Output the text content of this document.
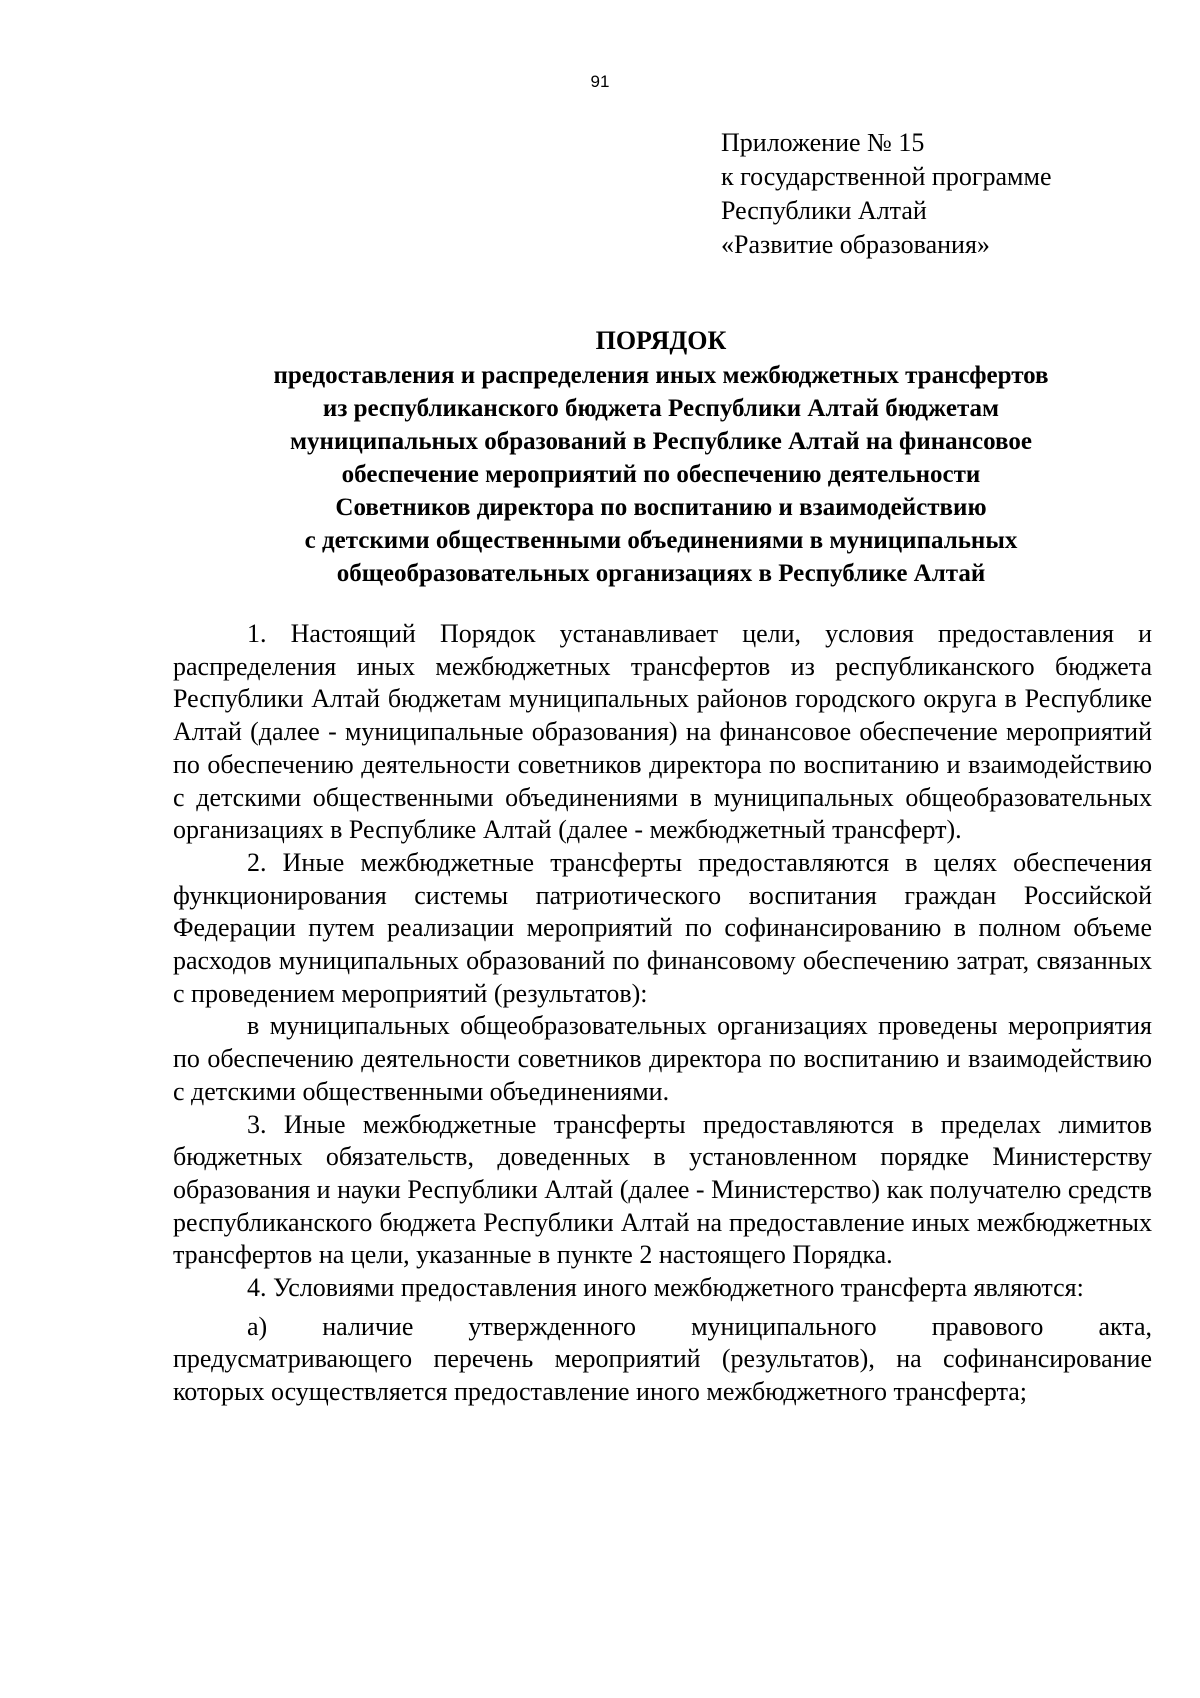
91
Приложение № 15
к государственной программе
Республики Алтай
«Развитие образования»
ПОРЯДОК
предоставления и распределения иных межбюджетных трансфертов
из республиканского бюджета Республики Алтай бюджетам
муниципальных образований в Республике Алтай на финансовое
обеспечение мероприятий по обеспечению деятельности
Советников директора по воспитанию и взаимодействию
с детскими общественными объединениями в муниципальных
общеобразовательных организациях в Республике Алтай

1. Настоящий Порядок устанавливает цели, условия предоставления и распределения иных межбюджетных трансфертов из республиканского бюджета Республики Алтай бюджетам муниципальных районов городского округа в Республике Алтай (далее - муниципальные образования) на финансовое обеспечение мероприятий по обеспечению деятельности советников директора по воспитанию и взаимодействию с детскими общественными объединениями в муниципальных общеобразовательных организациях в Республике Алтай (далее - межбюджетный трансферт).

2. Иные межбюджетные трансферты предоставляются в целях обеспечения функционирования системы патриотического воспитания граждан Российской Федерации путем реализации мероприятий по софинансированию в полном объеме расходов муниципальных образований по финансовому обеспечению затрат, связанных с проведением мероприятий (результатов):

в муниципальных общеобразовательных организациях проведены мероприятия по обеспечению деятельности советников директора по воспитанию и взаимодействию с детскими общественными объединениями.

3. Иные межбюджетные трансферты предоставляются в пределах лимитов бюджетных обязательств, доведенных в установленном порядке Министерству образования и науки Республики Алтай (далее - Министерство) как получателю средств республиканского бюджета Республики Алтай на предоставление иных межбюджетных трансфертов на цели, указанные в пункте 2 настоящего Порядка.

4. Условиями предоставления иного межбюджетного трансферта являются:

а) наличие утвержденного муниципального правового акта, предусматривающего перечень мероприятий (результатов), на софинансирование которых осуществляется предоставление иного межбюджетного трансферта;
